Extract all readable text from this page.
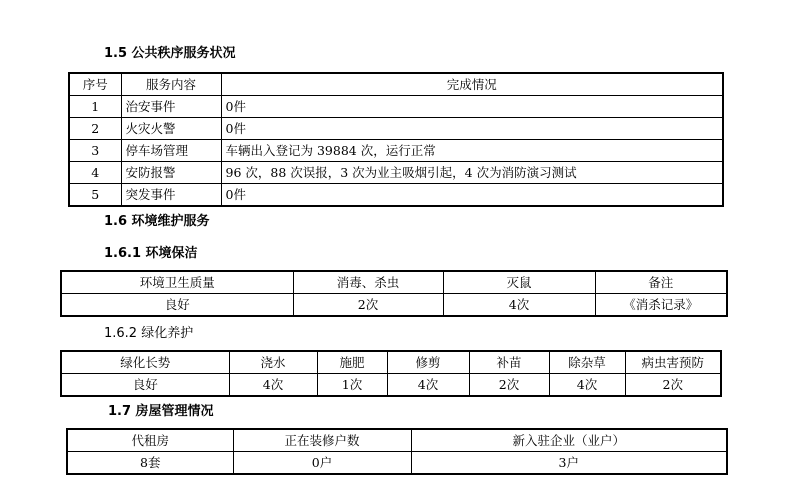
1.5 公共秩序服务状况
序号	服务内容	完成情况
1	治安事件	0件
2	火灾火警	0件
3	停车场管理	车辆出入登记为 39884 次，运行正常
4	安防报警	96 次，88 次误报，3 次为业主吸烟引起，4 次为消防演习测试
5	突发事件	0件
1.6 环境维护服务
1.6.1 环境保洁
环境卫生质量	消毒、杀虫	灭鼠	备注
良好	2次	4次	《消杀记录》
1.6.2 绿化养护
绿化长势	浇水	施肥	修剪	补苗	除杂草	病虫害预防
良好	4次	1次	4次	2次	4次	2次
1.7 房屋管理情况
代租房	正在装修户数	新入驻企业（业户）
8套	0户	3户
